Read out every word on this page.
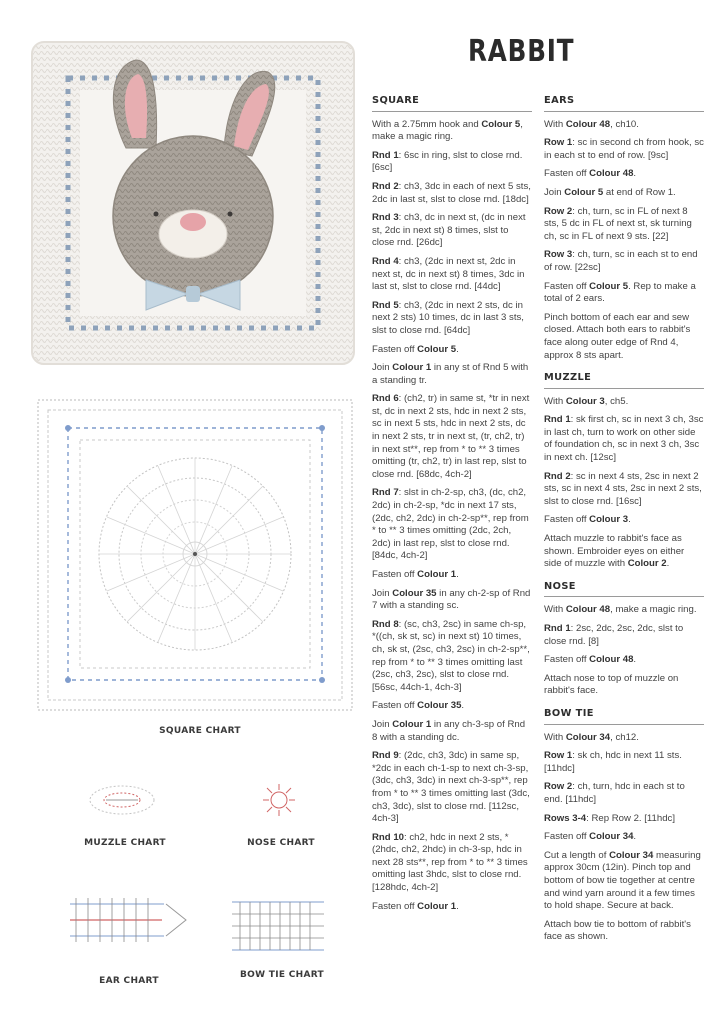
RABBIT
SQUARE CHART
MUZZLE CHART	NOSE CHART
EAR CHART
BOW TIE CHART
SQUARE
With a 2.75mm hook and Colour 5, make a magic ring.
Rnd 1: 6sc in ring, slst to close rnd. [6sc]
Rnd 2: ch3, 3dc in each of next 5 sts, 2dc in last st, slst to close rnd. [18dc]
Rnd 3: ch3, dc in next st, (dc in next st, 2dc in next st) 8 times, slst to close rnd. [26dc]
Rnd 4: ch3, (2dc in next st, 2dc in next st, dc in next st) 8 times, 3dc in last st, slst to close rnd. [44dc]
Rnd 5: ch3, (2dc in next 2 sts, dc in next 2 sts) 10 times, dc in last 3 sts, slst to close rnd. [64dc]
Fasten off Colour 5.
Join Colour 1 in any st of Rnd 5 with a standing tr.
Rnd 6: (ch2, tr) in same st, *tr in next st, dc in next 2 sts, hdc in next 2 sts, sc in next 5 sts, hdc in next 2 sts, dc in next 2 sts, tr in next st, (tr, ch2, tr) in next st**, rep from * to ** 3 times omitting (tr, ch2, tr) in last rep, slst to close rnd. [68dc, 4ch-2]
Rnd 7: slst in ch-2-sp, ch3, (dc, ch2, 2dc) in ch-2-sp, *dc in next 17 sts, (2dc, ch2, 2dc) in ch-2-sp**, rep from * to ** 3 times omitting (2dc, 2ch, 2dc) in last rep, slst to close rnd. [84dc, 4ch-2]
Fasten off Colour 1.
Join Colour 35 in any ch-2-sp of Rnd 7 with a standing sc.
Rnd 8: (sc, ch3, 2sc) in same ch-sp, *((ch, sk st, sc) in next st) 10 times, ch, sk st, (2sc, ch3, 2sc) in ch-2-sp**, rep from * to ** 3 times omitting last (2sc, ch3, 2sc), slst to close rnd. [56sc, 44ch-1, 4ch-3]
Fasten off Colour 35.
Join Colour 1 in any ch-3-sp of Rnd 8 with a standing dc.
Rnd 9: (2dc, ch3, 3dc) in same sp, *2dc in each ch-1-sp to next ch-3-sp, (3dc, ch3, 3dc) in next ch-3-sp**, rep from * to ** 3 times omitting last (3dc, ch3, 3dc), slst to close rnd. [112sc, 4ch-3]
Rnd 10: ch2, hdc in next 2 sts, *(2hdc, ch2, 2hdc) in ch-3-sp, hdc in next 28 sts**, rep from * to ** 3 times omitting last 3hdc, slst to close rnd. [128hdc, 4ch-2]
Fasten off Colour 1.
EARS
With Colour 48, ch10.
Row 1: sc in second ch from hook, sc in each st to end of row. [9sc]
Fasten off Colour 48.
Join Colour 5 at end of Row 1.
Row 2: ch, turn, sc in FL of next 8 sts, 5 dc in FL of next st, sk turning ch, sc in FL of next 9 sts. [22]
Row 3: ch, turn, sc in each st to end of row. [22sc]
Fasten off Colour 5. Rep to make a total of 2 ears.
Pinch bottom of each ear and sew closed. Attach both ears to rabbit's face along outer edge of Rnd 4, approx 8 sts apart.
MUZZLE
With Colour 3, ch5.
Rnd 1: sk first ch, sc in next 3 ch, 3sc in last ch, turn to work on other side of foundation ch, sc in next 3 ch, 3sc in next ch. [12sc]
Rnd 2: sc in next 4 sts, 2sc in next 2 sts, sc in next 4 sts, 2sc in next 2 sts, slst to close rnd. [16sc]
Fasten off Colour 3.
Attach muzzle to rabbit's face as shown. Embroider eyes on either side of muzzle with Colour 2.
NOSE
With Colour 48, make a magic ring.
Rnd 1: 2sc, 2dc, 2sc, 2dc, slst to close rnd. [8]
Fasten off Colour 48.
Attach nose to top of muzzle on rabbit's face.
BOW TIE
With Colour 34, ch12.
Row 1: sk ch, hdc in next 11 sts. [11hdc]
Row 2: ch, turn, hdc in each st to end. [11hdc]
Rows 3-4: Rep Row 2. [11hdc]
Fasten off Colour 34.
Cut a length of Colour 34 measuring approx 30cm (12in). Pinch top and bottom of bow tie together at centre and wind yarn around it a few times to hold shape. Secure at back.
Attach bow tie to bottom of rabbit's face as shown.
